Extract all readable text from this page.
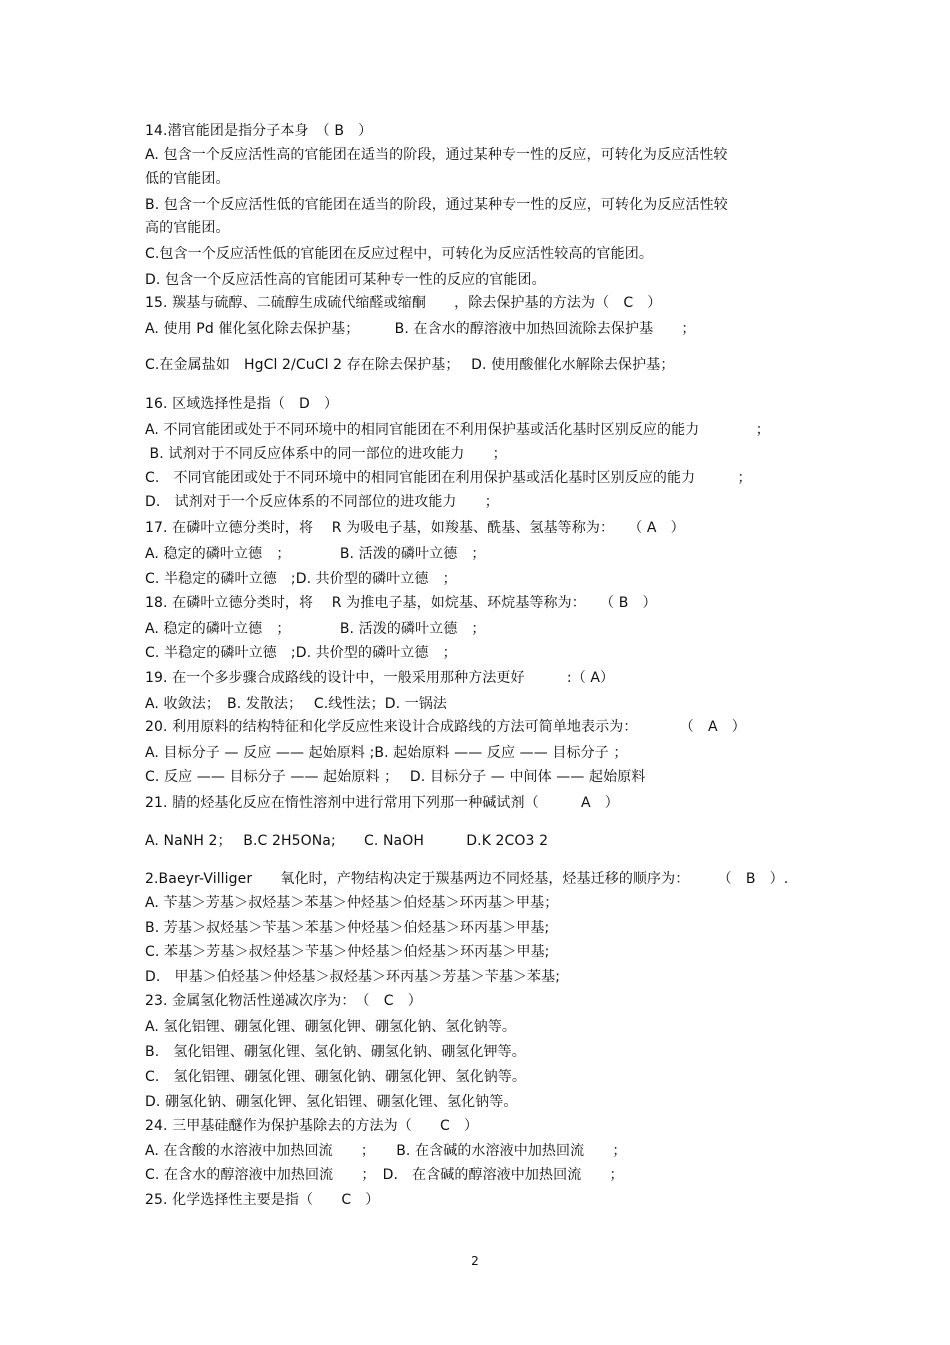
14.潜官能团是指分子本身　（ B　）
A. 包含一个反应活性高的官能团在适当的阶段，通过某种专一性的反应，可转化为反应活性较
低的官能团。
B. 包含一个反应活性低的官能团在适当的阶段，通过某种专一性的反应，可转化为反应活性较
高的官能团。
C.包含一个反应活性低的官能团在反应过程中，可转化为反应活性较高的官能团。
D. 包含一个反应活性高的官能团可某种专一性的反应的官能团。
15. 羰基与硫醇、二硫醇生成硫代缩醛或缩酮　　，除去保护基的方法为（　C　）
A. 使用 Pd 催化氢化除去保护基；　　　B. 在含水的醇溶液中加热回流除去保护基　　；
C.在金属盐如　HgCl 2/CuCl 2 存在除去保护基；　 D. 使用酸催化水解除去保护基；
16. 区域选择性是指（　D　）
A. 不同官能团或处于不同环境中的相同官能团在不利用保护基或活化基时区别反应的能力　　　　；
B. 试剂对于不同反应体系中的同一部位的进攻能力　　；
C.　不同官能团或处于不同环境中的相同官能团在利用保护基或活化基时区别反应的能力　　　；
D.　试剂对于一个反应体系的不同部位的进攻能力　　；
17. 在磷叶立德分类时，将　 R 为吸电子基，如羧基、酰基、氢基等称为：　　（ A　）
A. 稳定的磷叶立德　；　　　　B. 活泼的磷叶立德　；
C. 半稳定的磷叶立德　;D. 共价型的磷叶立德　；
18. 在磷叶立德分类时，将　 R 为推电子基，如烷基、环烷基等称为：　　（ B　）
A. 稳定的磷叶立德　；　　　　B. 活泼的磷叶立德　；
C. 半稳定的磷叶立德　;D. 共价型的磷叶立德　；
19. 在一个多步骤合成路线的设计中，一般采用那种方法更好　　　:（ A）
A. 收敛法；　B. 发散法；　 C.线性法；D. 一锅法
20. 利用原料的结构特征和化学反应性来设计合成路线的方法可简单地表示为：　　　　（　A　）
A. 目标分子 — 反应 —— 起始原料 ;B. 起始原料 —— 反应 —— 目标分子 ；
C. 反应 —— 目标分子 —— 起始原料 ；　 D. 目标分子 — 中间体 —— 起始原料
21. 腈的烃基化反应在惰性溶剂中进行常用下列那一种碱试剂（　　　A　）
A. NaNH 2；　 B.C 2H5ONa;　　C. NaOH　　　D.K 2CO3 2
2.Baeyr-Villiger　　氧化时，产物结构决定于羰基两边不同烃基，烃基迁移的顺序为：　　　（　B　）.
A. 苄基＞芳基＞叔烃基＞苯基＞仲烃基＞伯烃基＞环丙基＞甲基；
B. 芳基＞叔烃基＞苄基＞苯基＞仲烃基＞伯烃基＞环丙基＞甲基;
C. 苯基＞芳基＞叔烃基＞苄基＞仲烃基＞伯烃基＞环丙基＞甲基;
D.　甲基＞伯烃基＞仲烃基＞叔烃基＞环丙基＞芳基＞苄基＞苯基;
23. 金属氢化物活性递减次序为：　（　C　）
A. 氢化铝锂、硼氢化锂、硼氢化钾、硼氢化钠、氢化钠等。
B.　氢化铝锂、硼氢化锂、氢化钠、硼氢化钠、硼氢化钾等。
C.　氢化铝锂、硼氢化锂、硼氢化钠、硼氢化钾、氢化钠等。
D. 硼氢化钠、硼氢化钾、氢化铝锂、硼氢化锂、氢化钠等。
24. 三甲基硅醚作为保护基除去的方法为（　　C　）
A. 在含酸的水溶液中加热回流　　；　　B. 在含碱的水溶液中加热回流　　；
C. 在含水的醇溶液中加热回流　　；　D.　在含碱的醇溶液中加热回流　　；
25. 化学选择性主要是指（　　C　）
2
